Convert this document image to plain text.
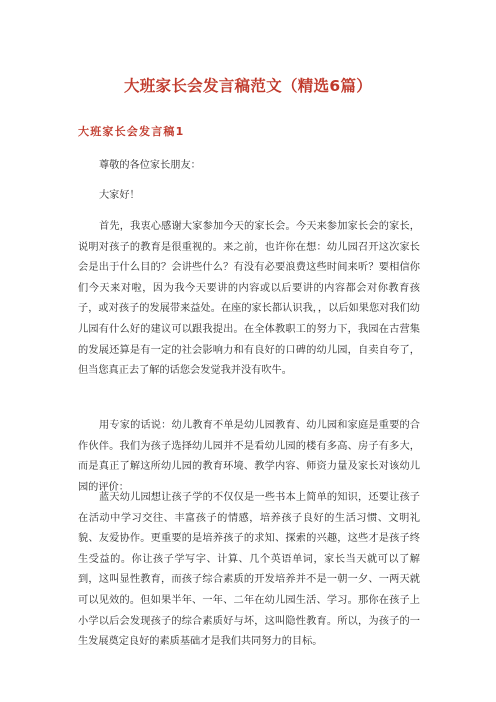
大班家长会发言稿范文（精选6篇）
大班家长会发言稿1
尊敬的各位家长朋友：
大家好！
首先，我衷心感谢大家参加今天的家长会。今天来参加家长会的家长，说明对孩子的教育是很重视的。来之前，也许你在想：幼儿园召开这次家长会是出于什么目的？会讲些什么？有没有必要浪费这些时间来听？要相信你们今天来对啦，因为我今天要讲的内容或以后要讲的内容都会对你教育孩子，或对孩子的发展带来益处。在座的家长都认识我，，以后如果您对我们幼儿园有什么好的建议可以跟我提出。在全体教职工的努力下，我园在古营集的发展还算是有一定的社会影响力和有良好的口碑的幼儿园，自卖自夸了，但当您真正去了解的话您会发觉我并没有吹牛。
用专家的话说：幼儿教育不单是幼儿园教育、幼儿园和家庭是重要的合作伙伴。我们为孩子选择幼儿园并不是看幼儿园的楼有多高、房子有多大，而是真正了解这所幼儿园的教育环境、教学内容、师资力量及家长对该幼儿园的评价：
蓝天幼儿园想让孩子学的不仅仅是一些书本上简单的知识，还要让孩子在活动中学习交往、丰富孩子的情感，培养孩子良好的生活习惯、文明礼貌、友爱协作。更重要的是培养孩子的求知、探索的兴趣，这些才是孩子终生受益的。你让孩子学写字、计算、几个英语单词，家长当天就可以了解到，这叫显性教育，而孩子综合素质的开发培养并不是一朝一夕、一两天就可以见效的。但如果半年、一年、二年在幼儿园生活、学习。那你在孩子上小学以后会发现孩子的综合素质好与坏，这叫隐性教育。所以，为孩子的一生发展奠定良好的素质基础才是我们共同努力的目标。
